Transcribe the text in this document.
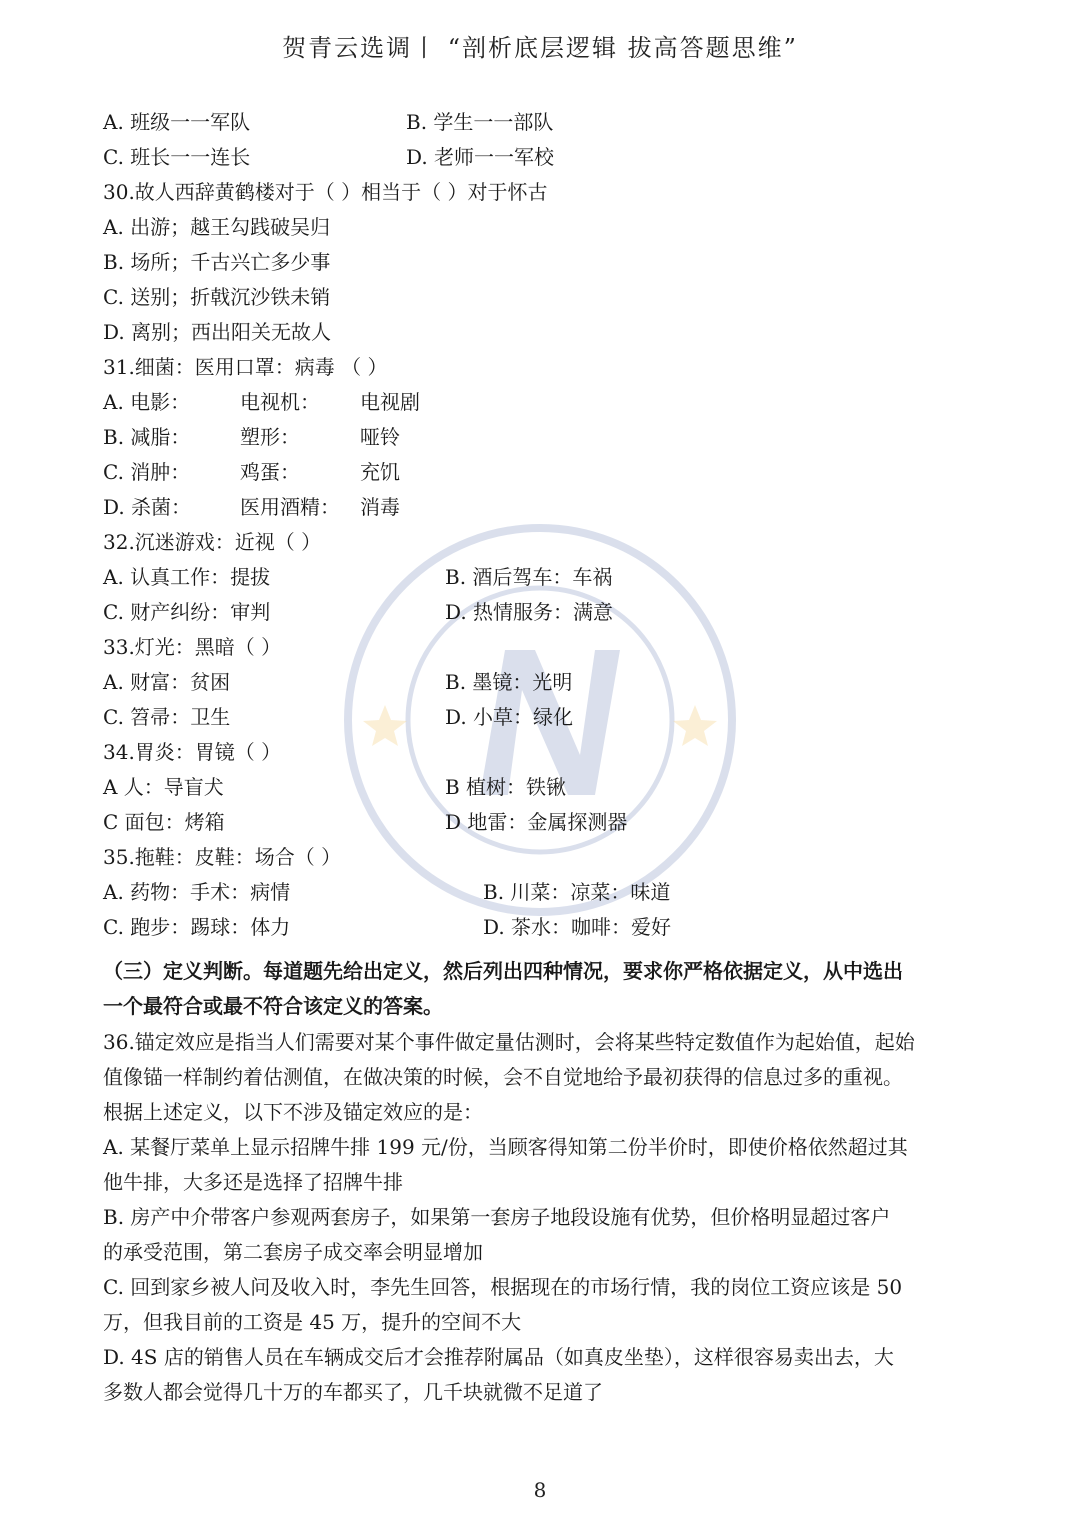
贺青云选调丨 “剖析底层逻辑 拔高答题思维”
A. 班级一一军队	B. 学生一一部队
C. 班长一一连长	D. 老师一一军校
30.故人西辞黄鹤楼对于（ ）相当于（ ）对于怀古
A. 出游；越王勾践破吴归
B. 场所；千古兴亡多少事
C. 送别；折戟沉沙铁未销
D. 离别；西出阳关无故人
31.细菌：医用口罩：病毒 （ ）
A. 电影： 电视机： 电视剧
B. 减脂： 塑形：	哑铃
C. 消肿： 鸡蛋：	充饥
D. 杀菌： 医用酒精： 消毒
32.沉迷游戏：近视（ ）
A. 认真工作：提拔	B. 酒后驾车：车祸
C. 财产纠纷：审判	D. 热情服务：满意
33.灯光：黑暗（ ）
A. 财富：贫困	B. 墨镜：光明
C. 笤帚：卫生	D. 小草：绿化
34.胃炎：胃镜（ ）
A 人：导盲犬	B 植树：铁锹
C 面包：烤箱	D 地雷：金属探测器
35.拖鞋：皮鞋：场合（ ）
A. 药物：手术：病情	B. 川菜：凉菜：味道
C. 跑步：踢球：体力	D. 茶水：咖啡：爱好
（三）定义判断。每道题先给出定义，然后列出四种情况，要求你严格依据定义，从中选出
一个最符合或最不符合该定义的答案。
36.锚定效应是指当人们需要对某个事件做定量估测时，会将某些特定数值作为起始值，起始
值像锚一样制约着估测值，在做决策的时候，会不自觉地给予最初获得的信息过多的重视。
根据上述定义，以下不涉及锚定效应的是：
A. 某餐厅菜单上显示招牌牛排 199 元/份，当顾客得知第二份半价时，即使价格依然超过其
他牛排，大多还是选择了招牌牛排
B. 房产中介带客户参观两套房子，如果第一套房子地段设施有优势，但价格明显超过客户
的承受范围，第二套房子成交率会明显增加
C. 回到家乡被人问及收入时，李先生回答，根据现在的市场行情，我的岗位工资应该是 50
万，但我目前的工资是 45 万，提升的空间不大
D. 4S 店的销售人员在车辆成交后才会推荐附属品（如真皮坐垫），这样很容易卖出去，大
多数人都会觉得几十万的车都买了，几千块就微不足道了
8
